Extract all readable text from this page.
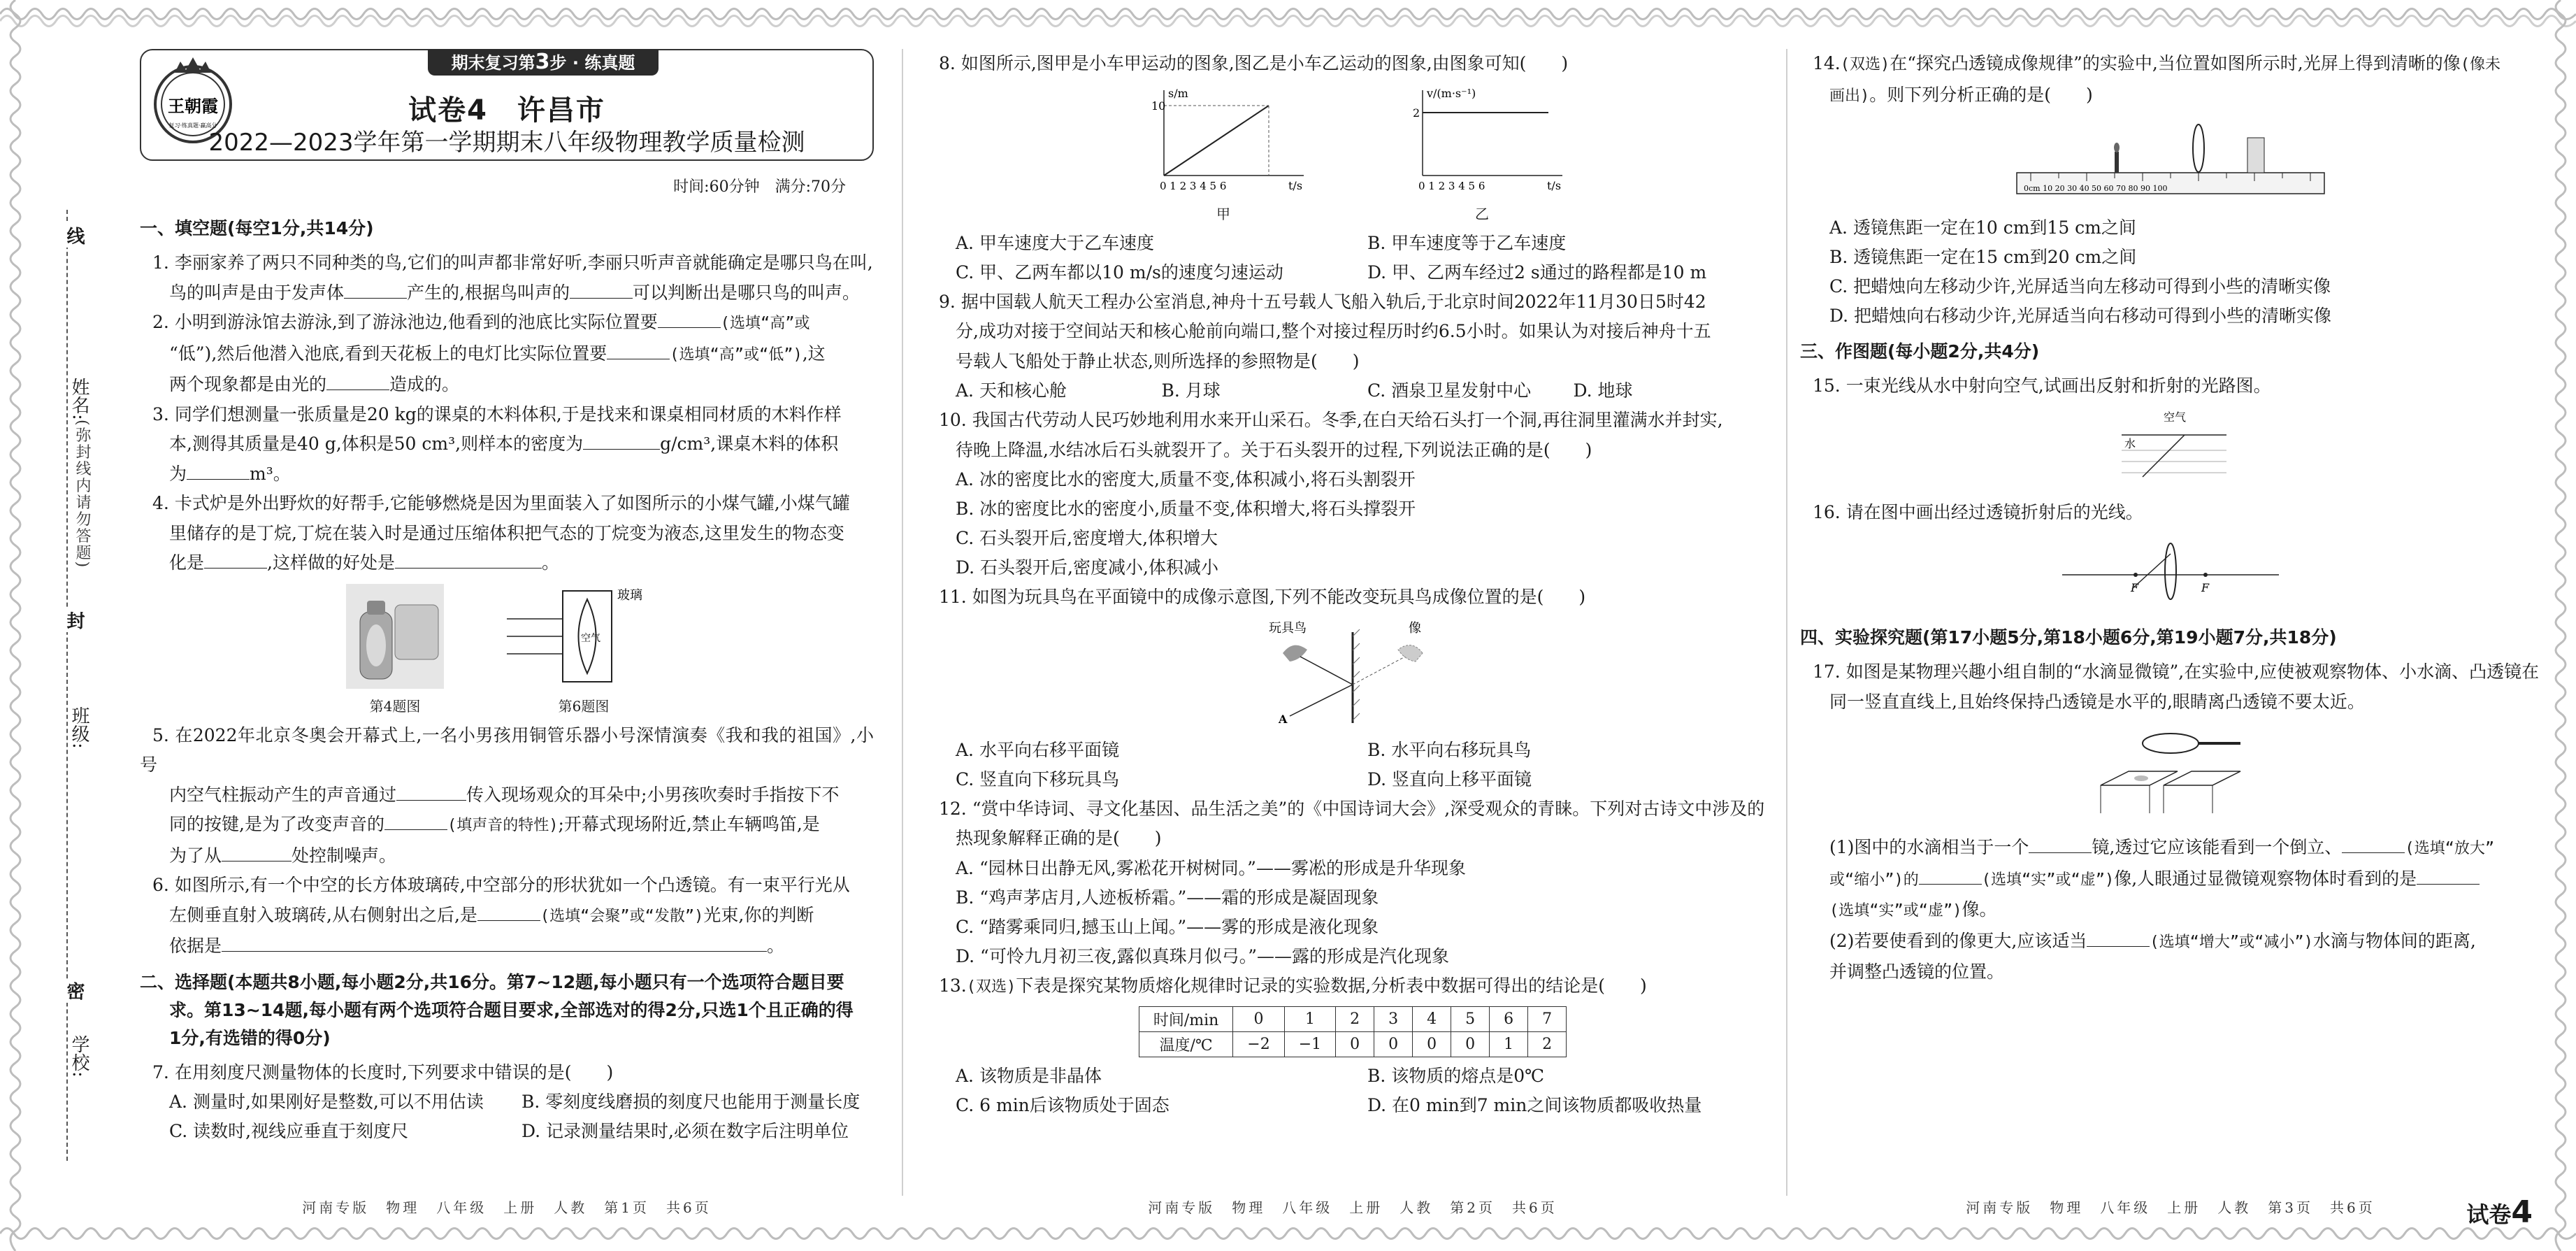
线
封
密
(弥封线内请勿答题)
姓名:
班级:
学校:
王朝霞
复习·练真题·赢高分
期末复习第3步 · 练真题
试卷4　许昌市
2022—2023学年第一学期期末八年级物理教学质量检测
时间:60分钟　满分:70分
一、填空题(每空1分,共14分)

1. 李丽家养了两只不同种类的鸟,它们的叫声都非常好听,李丽只听声音就能确定是哪只鸟在叫,
鸟的叫声是由于发声体	产生的,根据鸟叫声的	可以判断出是哪只鸟的叫声。

2. 小明到游泳馆去游泳,到了游泳池边,他看到的池底比实际位置要	(选填“高”或
“低”),然后他潜入池底,看到天花板上的电灯比实际位置要	(选填“高”或“低”),这
两个现象都是由光的	造成的。

3. 同学们想测量一张质量是20 kg的课桌的木料体积,于是找来和课桌相同材质的木料作样
本,测得其质量是40 g,体积是50 cm³,则样本的密度为	g/cm³,课桌木料的体积
为	m³。

4. 卡式炉是外出野炊的好帮手,它能够燃烧是因为里面装入了如图所示的小煤气罐,小煤气罐
里储存的是丁烷,丁烷在装入时是通过压缩体积把气态的丁烷变为液态,这里发生的物态变
化是	,这样做的好处是	。

第4题图
玻璃
空气
第6题图

5. 在2022年北京冬奥会开幕式上,一名小男孩用铜管乐器小号深情演奏《我和我的祖国》,小号
内空气柱振动产生的声音通过	传入现场观众的耳朵中;小男孩吹奏时手指按下不
同的按键,是为了改变声音的	(填声音的特性);开幕式现场附近,禁止车辆鸣笛,是
为了从	处控制噪声。

6. 如图所示,有一个中空的长方体玻璃砖,中空部分的形状犹如一个凸透镜。有一束平行光从
左侧垂直射入玻璃砖,从右侧射出之后,是	(选填“会聚”或“发散”)光束,你的判断
依据是	。

二、选择题(本题共8小题,每小题2分,共16分。第7~12题,每小题只有一个选项符合题目要
求。第13~14题,每小题有两个选项符合题目要求,全部选对的得2分,只选1个且正确的得
1分,有选错的得0分)

7. 在用刻度尺测量物体的长度时,下列要求中错误的是(　　)

A. 测量时,如果刚好是整数,可以不用估读	B. 零刻度线磨损的刻度尺也能用于测量长度
C. 读数时,视线应垂直于刻度尺	D. 记录测量结果时,必须在数字后注明单位
河南专版　物理　八年级　上册　人教　第1页　共6页

8. 如图所示,图甲是小车甲运动的图象,图乙是小车乙运动的图象,由图象可知(　　)

s/m
10
t/s
0 1 2 3 4 5 6
甲
v/(m·s⁻¹)
2
t/s
0 1 2 3 4 5 6
乙
A. 甲车速度大于乙车速度	B. 甲车速度等于乙车速度
C. 甲、乙两车都以10 m/s的速度匀速运动	D. 甲、乙两车经过2 s通过的路程都是10 m

9. 据中国载人航天工程办公室消息,神舟十五号载人飞船入轨后,于北京时间2022年11月30日5时42
分,成功对接于空间站天和核心舱前向端口,整个对接过程历时约6.5小时。如果认为对接后神舟十五
号载人飞船处于静止状态,则所选择的参照物是(　　)

A. 天和核心舱	B. 月球	C. 酒泉卫星发射中心	D. 地球

10. 我国古代劳动人民巧妙地利用水来开山采石。冬季,在白天给石头打一个洞,再往洞里灌满水并封实,
待晚上降温,水结冰后石头就裂开了。关于石头裂开的过程,下列说法正确的是(　　)

A. 冰的密度比水的密度大,质量不变,体积减小,将石头割裂开
B. 冰的密度比水的密度小,质量不变,体积增大,将石头撑裂开
C. 石头裂开后,密度增大,体积增大
D. 石头裂开后,密度减小,体积减小

11. 如图为玩具鸟在平面镜中的成像示意图,下列不能改变玩具鸟成像位置的是(　　)

玩具鸟	像
A
A. 水平向右移平面镜	B. 水平向右移玩具鸟
C. 竖直向下移玩具鸟	D. 竖直向上移平面镜

12. “赏中华诗词、寻文化基因、品生活之美”的《中国诗词大会》,深受观众的青睐。下列对古诗文中涉及的
热现象解释正确的是(　　)

A. “园林日出静无风,雾凇花开树树同。”——雾凇的形成是升华现象
B. “鸡声茅店月,人迹板桥霜。”——霜的形成是凝固现象
C. “踏雾乘同归,撼玉山上闻。”——雾的形成是液化现象
D. “可怜九月初三夜,露似真珠月似弓。”——露的形成是汽化现象

13.(双选)下表是探究某物质熔化规律时记录的实验数据,分析表中数据可得出的结论是(　　)

时间/min	0	1	2	3	4	5	6	7
温度/℃	−2	−1	0	0	0	0	1	2
A. 该物质是非晶体	B. 该物质的熔点是0℃
C. 6 min后该物质处于固态	D. 在0 min到7 min之间该物质都吸收热量
河南专版　物理　八年级　上册　人教　第2页　共6页

14.(双选)在“探究凸透镜成像规律”的实验中,当位置如图所示时,光屏上得到清晰的像(像未
画出)。则下列分析正确的是(　　)

0cm 10 20 30 40 50 60 70 80 90 100
A. 透镜焦距一定在10 cm到15 cm之间
B. 透镜焦距一定在15 cm到20 cm之间
C. 把蜡烛向左移动少许,光屏适当向左移动可得到小些的清晰实像
D. 把蜡烛向右移动少许,光屏适当向右移动可得到小些的清晰实像
三、作图题(每小题2分,共4分)

15. 一束光线从水中射向空气,试画出反射和折射的光路图。

空气
水

16. 请在图中画出经过透镜折射后的光线。

F	F
四、实验探究题(第17小题5分,第18小题6分,第19小题7分,共18分)

17. 如图是某物理兴趣小组自制的“水滴显微镜”,在实验中,应使被观察物体、小水滴、凸透镜在
同一竖直直线上,且始终保持凸透镜是水平的,眼睛离凸透镜不要太近。

(1)图中的水滴相当于一个	镜,透过它应该能看到一个倒立、	(选填“放大”
或“缩小”)的	(选填“实”或“虚”)像,人眼通过显微镜观察物体时看到的是
(选填“实”或“虚”)像。

(2)若要使看到的像更大,应该适当	(选填“增大”或“减小”)水滴与物体间的距离,
并调整凸透镜的位置。

河南专版　物理　八年级　上册　人教　第3页　共6页	试卷4
